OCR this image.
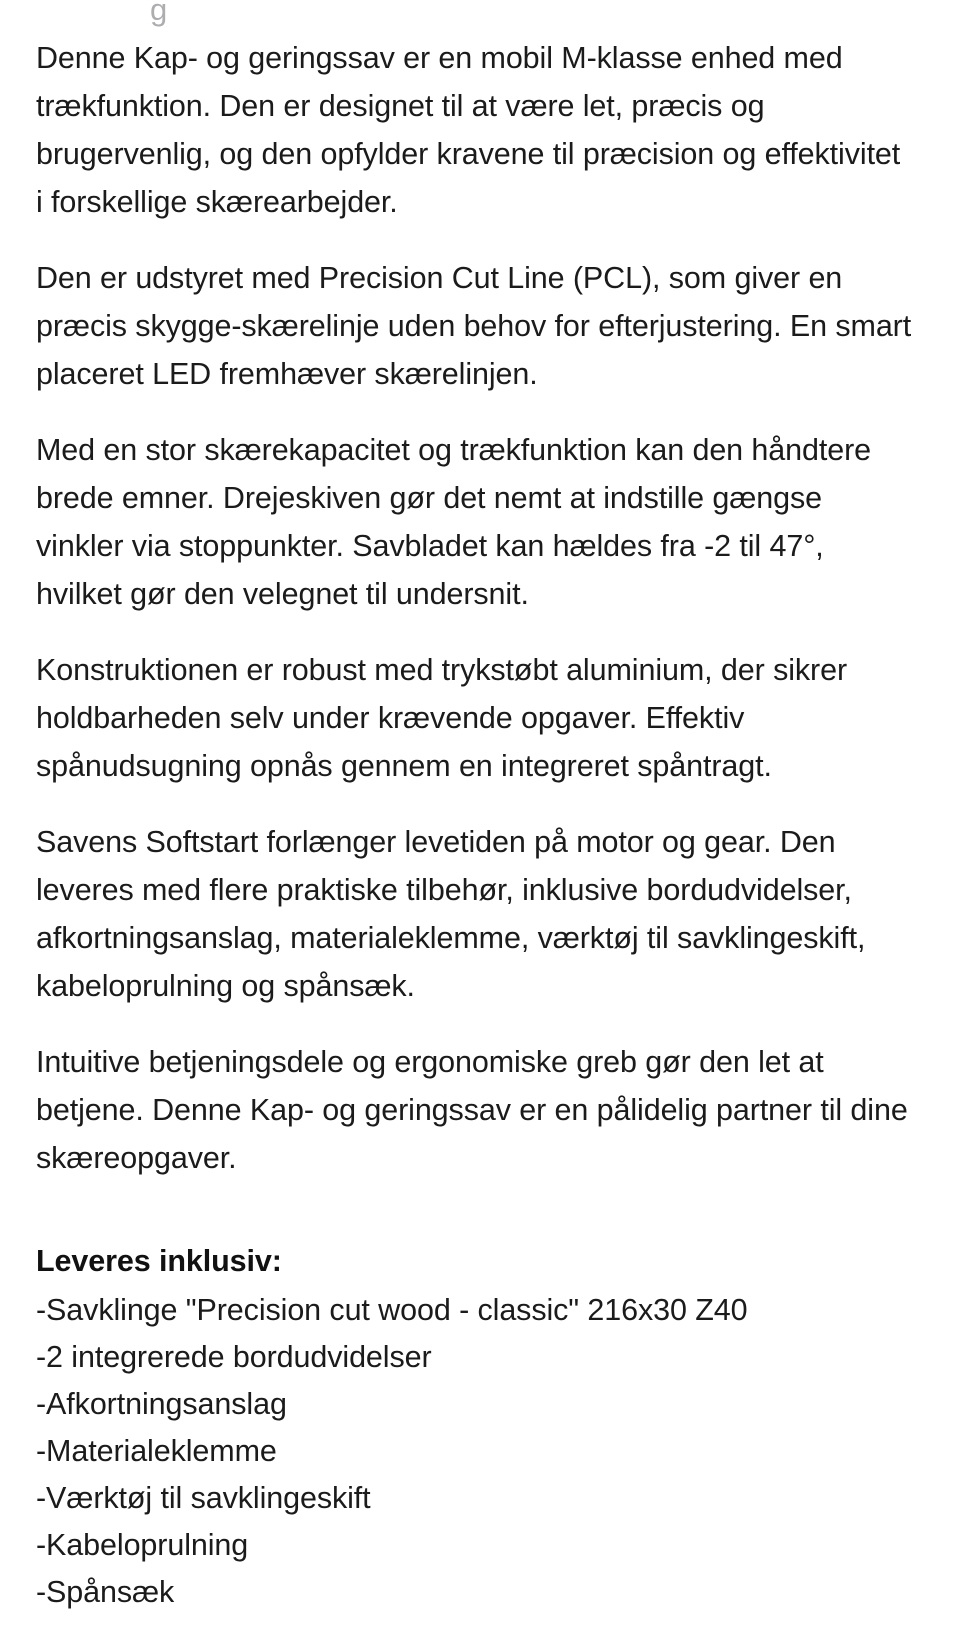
g

Denne Kap- og geringssav er en mobil M-klasse enhed med trækfunktion. Den er designet til at være let, præcis og brugervenlig, og den opfylder kravene til præcision og effektivitet i forskellige skærearbejder.

Den er udstyret med Precision Cut Line (PCL), som giver en præcis skygge-skærelinje uden behov for efterjustering. En smart placeret LED fremhæver skærelinjen.

Med en stor skærekapacitet og trækfunktion kan den håndtere brede emner. Drejeskiven gør det nemt at indstille gængse vinkler via stoppunkter. Savbladet kan hældes fra -2 til 47°, hvilket gør den velegnet til undersnit.

Konstruktionen er robust med trykstøbt aluminium, der sikrer holdbarheden selv under krævende opgaver. Effektiv spånudsugning opnås gennem en integreret spåntragt.

Savens Softstart forlænger levetiden på motor og gear. Den leveres med flere praktiske tilbehør, inklusive bordudvidelser, afkortningsanslag, materialeklemme, værktøj til savklingeskift, kabeloprulning og spånsæk.

Intuitive betjeningsdele og ergonomiske greb gør den let at betjene. Denne Kap- og geringssav er en pålidelig partner til dine skæreopgaver.

Leveres inklusiv:

-Savklinge "Precision cut wood - classic" 216x30 Z40
-2 integrerede bordudvidelser
-Afkortningsanslag
-Materialeklemme
-Værktøj til savklingeskift
-Kabeloprulning
-Spånsæk
